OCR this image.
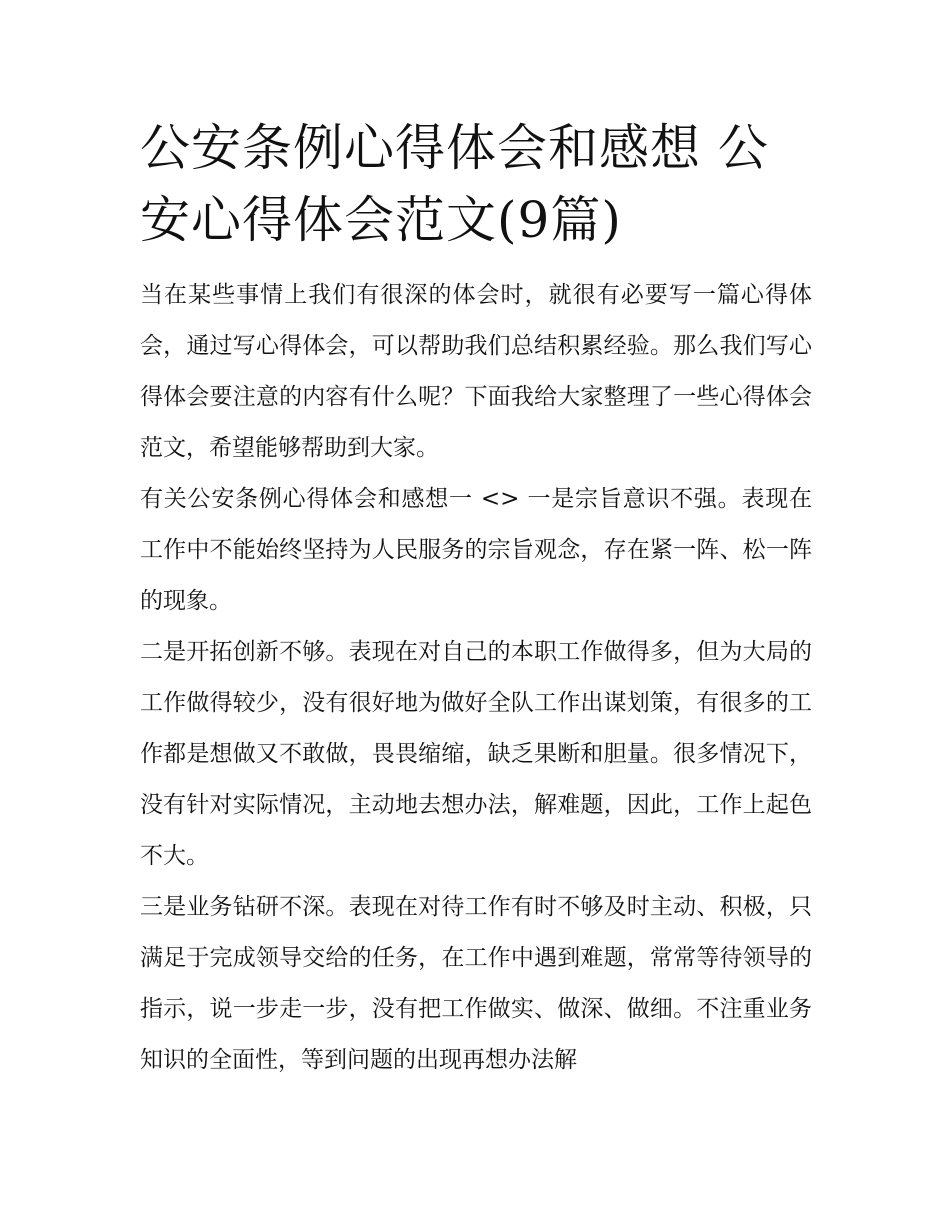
公安条例心得体会和感想 公安心得体会范文(9篇)

当在某些事情上我们有很深的体会时，就很有必要写一篇心得体会，通过写心得体会，可以帮助我们总结积累经验。那么我们写心得体会要注意的内容有什么呢？下面我给大家整理了一些心得体会范文，希望能够帮助到大家。

有关公安条例心得体会和感想一 <> 一是宗旨意识不强。表现在工作中不能始终坚持为人民服务的宗旨观念，存在紧一阵、松一阵的现象。

二是开拓创新不够。表现在对自己的本职工作做得多，但为大局的工作做得较少，没有很好地为做好全队工作出谋划策，有很多的工作都是想做又不敢做，畏畏缩缩，缺乏果断和胆量。很多情况下，没有针对实际情况，主动地去想办法，解难题，因此，工作上起色不大。

三是业务钻研不深。表现在对待工作有时不够及时主动、积极，只满足于完成领导交给的任务，在工作中遇到难题，常常等待领导的指示，说一步走一步，没有把工作做实、做深、做细。不注重业务知识的全面性，等到问题的出现再想办法解
